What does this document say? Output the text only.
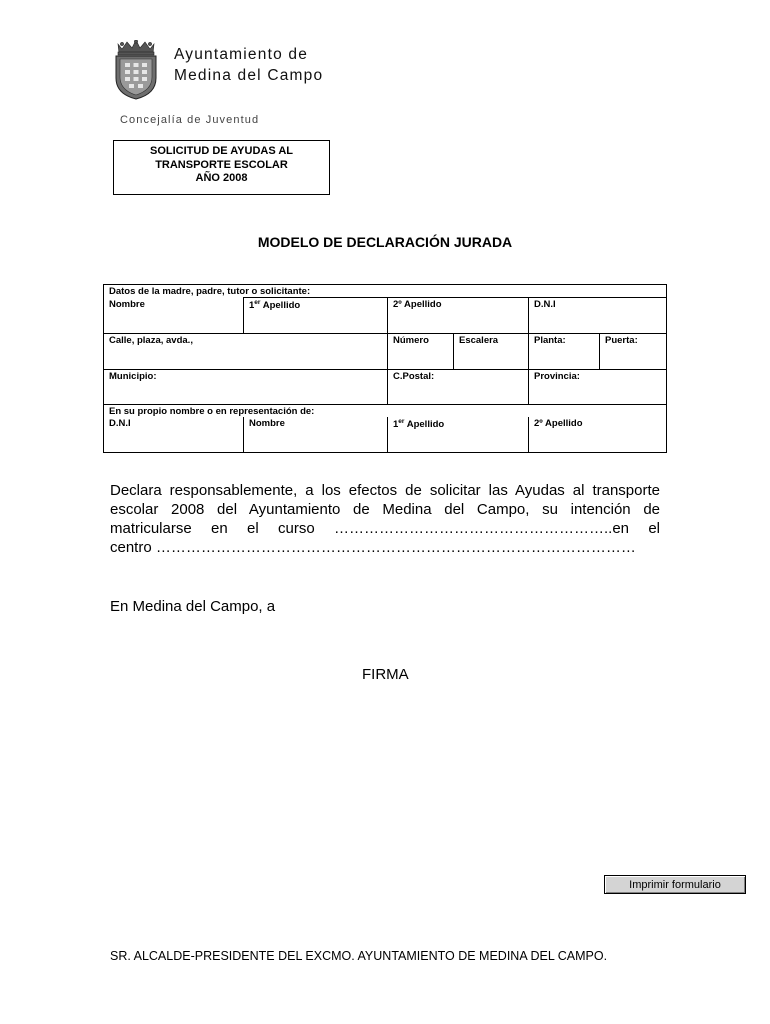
Ayuntamiento de
Medina del Campo
Concejalía de Juventud
SOLICITUD DE AYUDAS AL
TRANSPORTE ESCOLAR
AÑO 2008
MODELO DE DECLARACIÓN JURADA
Datos de la madre, padre, tutor o solicitante:					
Nombre	1er Apellido	2º Apellido		D.N.I	
Calle, plaza, avda.,		Número	Escalera	Planta:	Puerta:
Municipio:		C.Postal:		Provincia:	
En su propio nombre o en representación de:					
D.N.I	Nombre	1er Apellido		2º Apellido	
Declara responsablemente, a los efectos de solicitar las Ayudas al transporte
escolar 2008 del Ayuntamiento de Medina del Campo, su intención de
matricularse en el curso ………………………………………………..en el
centro ……………………………………………………………………………………
En Medina del Campo, a
FIRMA
Imprimir formulario
SR. ALCALDE-PRESIDENTE DEL EXCMO. AYUNTAMIENTO DE MEDINA DEL CAMPO.
